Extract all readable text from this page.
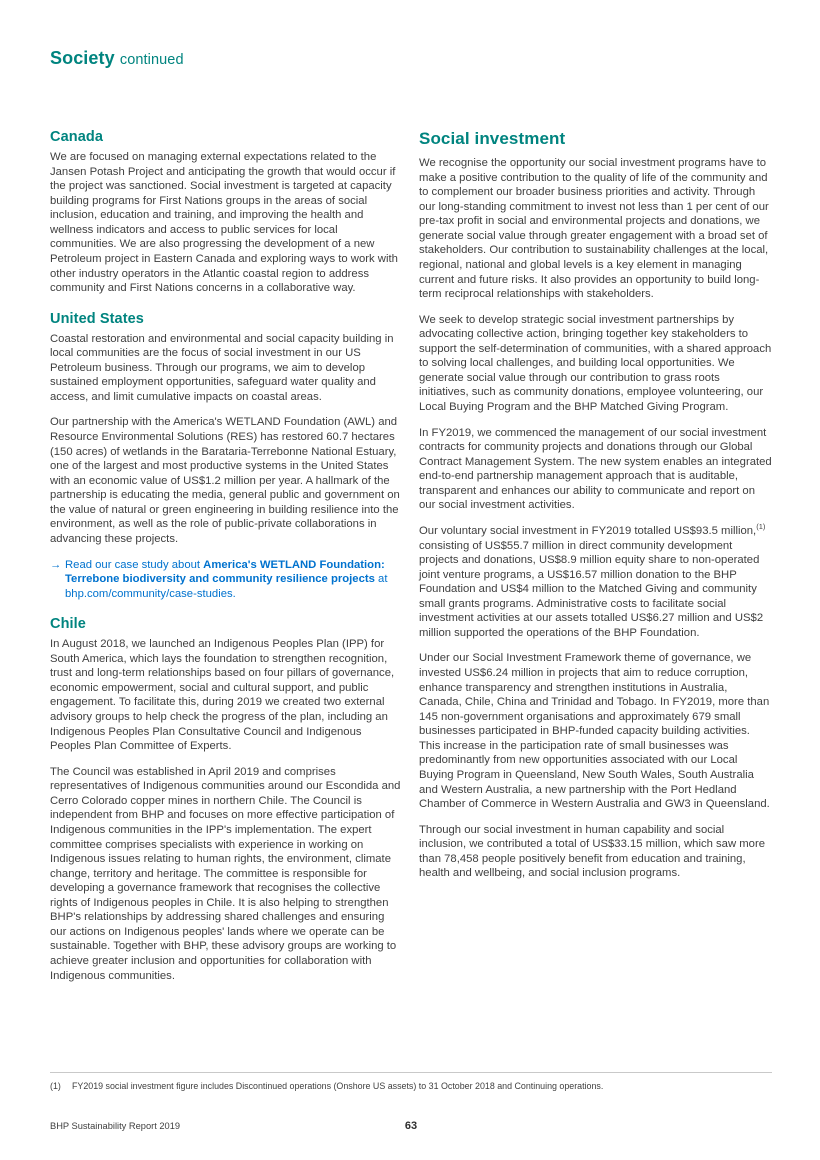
Society continued
Canada

We are focused on managing external expectations related to the Jansen Potash Project and anticipating the growth that would occur if the project was sanctioned. Social investment is targeted at capacity building programs for First Nations groups in the areas of social inclusion, education and training, and improving the health and wellness indicators and access to public services for local communities. We are also progressing the development of a new Petroleum project in Eastern Canada and exploring ways to work with other industry operators in the Atlantic coastal region to address community and First Nations concerns in a collaborative way.

United States

Coastal restoration and environmental and social capacity building in local communities are the focus of social investment in our US Petroleum business. Through our programs, we aim to develop sustained employment opportunities, safeguard water quality and access, and limit cumulative impacts on coastal areas.

Our partnership with the America's WETLAND Foundation (AWL) and Resource Environmental Solutions (RES) has restored 60.7 hectares (150 acres) of wetlands in the Barataria-Terrebonne National Estuary, one of the largest and most productive systems in the United States with an economic value of US$1.2 million per year. A hallmark of the partnership is educating the media, general public and government on the value of natural or green engineering in building resilience into the environment, as well as the role of public-private collaborations in advancing these projects.

→ Read our case study about America's WETLAND Foundation: Terrebone biodiversity and community resilience projects at bhp.com/community/case-studies.

Chile

In August 2018, we launched an Indigenous Peoples Plan (IPP) for South America, which lays the foundation to strengthen recognition, trust and long-term relationships based on four pillars of governance, economic empowerment, social and cultural support, and public engagement. To facilitate this, during 2019 we created two external advisory groups to help check the progress of the plan, including an Indigenous Peoples Plan Consultative Council and Indigenous Peoples Plan Committee of Experts.

The Council was established in April 2019 and comprises representatives of Indigenous communities around our Escondida and Cerro Colorado copper mines in northern Chile. The Council is independent from BHP and focuses on more effective participation of Indigenous communities in the IPP's implementation. The expert committee comprises specialists with experience in working on Indigenous issues relating to human rights, the environment, climate change, territory and heritage. The committee is responsible for developing a governance framework that recognises the collective rights of Indigenous peoples in Chile. It is also helping to strengthen BHP's relationships by addressing shared challenges and ensuring our actions on Indigenous peoples' lands where we operate can be sustainable. Together with BHP, these advisory groups are working to achieve greater inclusion and opportunities for collaboration with Indigenous communities.

Social investment

We recognise the opportunity our social investment programs have to make a positive contribution to the quality of life of the community and to complement our broader business priorities and activity. Through our long-standing commitment to invest not less than 1 per cent of our pre-tax profit in social and environmental projects and donations, we generate social value through greater engagement with a broad set of stakeholders. Our contribution to sustainability challenges at the local, regional, national and global levels is a key element in managing current and future risks. It also provides an opportunity to build long-term reciprocal relationships with stakeholders.

We seek to develop strategic social investment partnerships by advocating collective action, bringing together key stakeholders to support the self-determination of communities, with a shared approach to solving local challenges, and building local opportunities. We generate social value through our contribution to grass roots initiatives, such as community donations, employee volunteering, our Local Buying Program and the BHP Matched Giving Program.

In FY2019, we commenced the management of our social investment contracts for community projects and donations through our Global Contract Management System. The new system enables an integrated end-to-end partnership management approach that is auditable, transparent and enhances our ability to communicate and report on our social investment activities.

Our voluntary social investment in FY2019 totalled US$93.5 million,$^{(1)}$ consisting of US$55.7 million in direct community development projects and donations, US$8.9 million equity share to non-operated joint venture programs, a US$16.57 million donation to the BHP Foundation and US$4 million to the Matched Giving and community small grants programs. Administrative costs to facilitate social investment activities at our assets totalled US$6.27 million and US$2 million supported the operations of the BHP Foundation.

Under our Social Investment Framework theme of governance, we invested US$6.24 million in projects that aim to reduce corruption, enhance transparency and strengthen institutions in Australia, Canada, Chile, China and Trinidad and Tobago. In FY2019, more than 145 non-government organisations and approximately 679 small businesses participated in BHP-funded capacity building activities. This increase in the participation rate of small businesses was predominantly from new opportunities associated with our Local Buying Program in Queensland, New South Wales, South Australia and Western Australia, a new partnership with the Port Hedland Chamber of Commerce in Western Australia and GW3 in Queensland.

Through our social investment in human capability and social inclusion, we contributed a total of US$33.15 million, which saw more than 78,458 people positively benefit from education and training, health and wellbeing, and social inclusion programs.

(1) FY2019 social investment figure includes Discontinued operations (Onshore US assets) to 31 October 2018 and Continuing operations.
BHP Sustainability Report 2019	63
